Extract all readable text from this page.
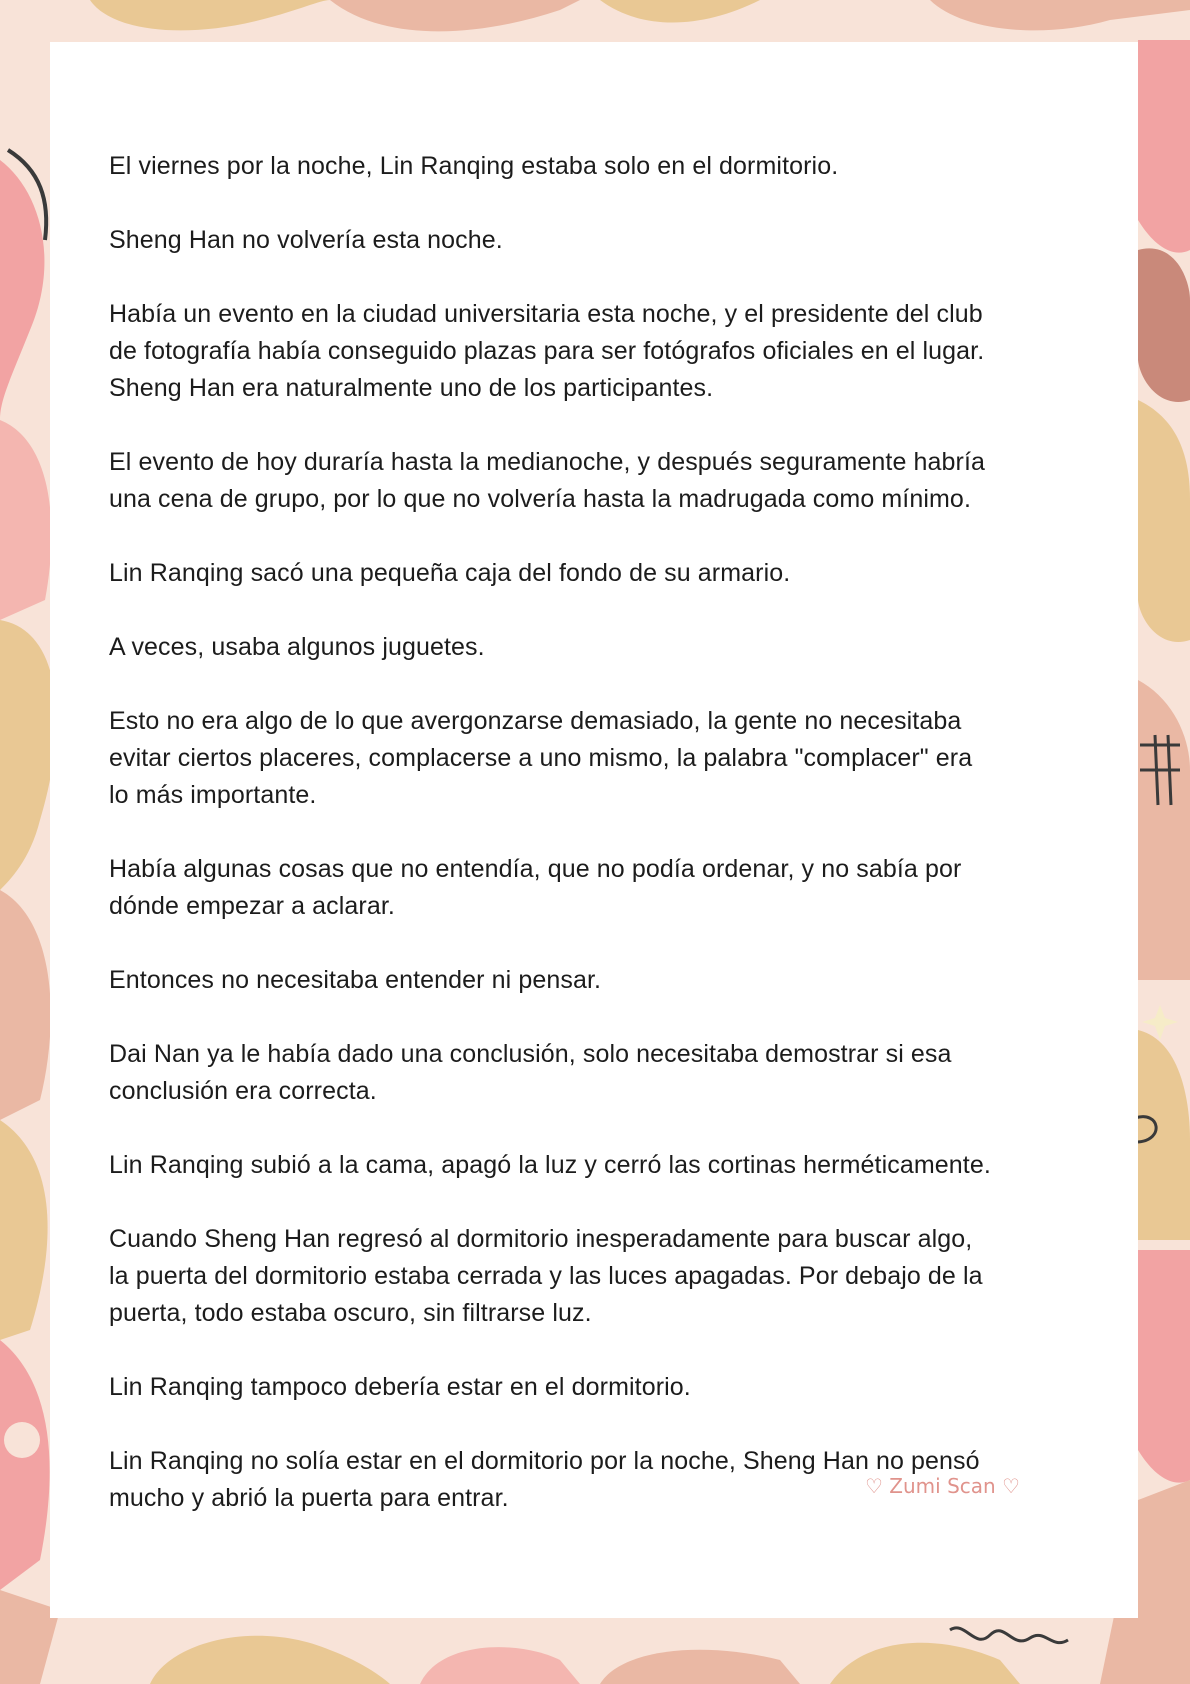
El viernes por la noche, Lin Ranqing estaba solo en el dormitorio.

Sheng Han no volvería esta noche.

Había un evento en la ciudad universitaria esta noche, y el presidente del club
de fotografía había conseguido plazas para ser fotógrafos oficiales en el lugar.
Sheng Han era naturalmente uno de los participantes.

El evento de hoy duraría hasta la medianoche, y después seguramente habría
una cena de grupo, por lo que no volvería hasta la madrugada como mínimo.

Lin Ranqing sacó una pequeña caja del fondo de su armario.

A veces, usaba algunos juguetes.

Esto no era algo de lo que avergonzarse demasiado, la gente no necesitaba
evitar ciertos placeres, complacerse a uno mismo, la palabra "complacer" era
lo más importante.

Había algunas cosas que no entendía, que no podía ordenar, y no sabía por
dónde empezar a aclarar.

Entonces no necesitaba entender ni pensar.

Dai Nan ya le había dado una conclusión, solo necesitaba demostrar si esa
conclusión era correcta.

Lin Ranqing subió a la cama, apagó la luz y cerró las cortinas herméticamente.

Cuando Sheng Han regresó al dormitorio inesperadamente para buscar algo,
la puerta del dormitorio estaba cerrada y las luces apagadas. Por debajo de la
puerta, todo estaba oscuro, sin filtrarse luz.

Lin Ranqing tampoco debería estar en el dormitorio.

Lin Ranqing no solía estar en el dormitorio por la noche, Sheng Han no pensó
mucho y abrió la puerta para entrar.	♡ Zumi Scan ♡
